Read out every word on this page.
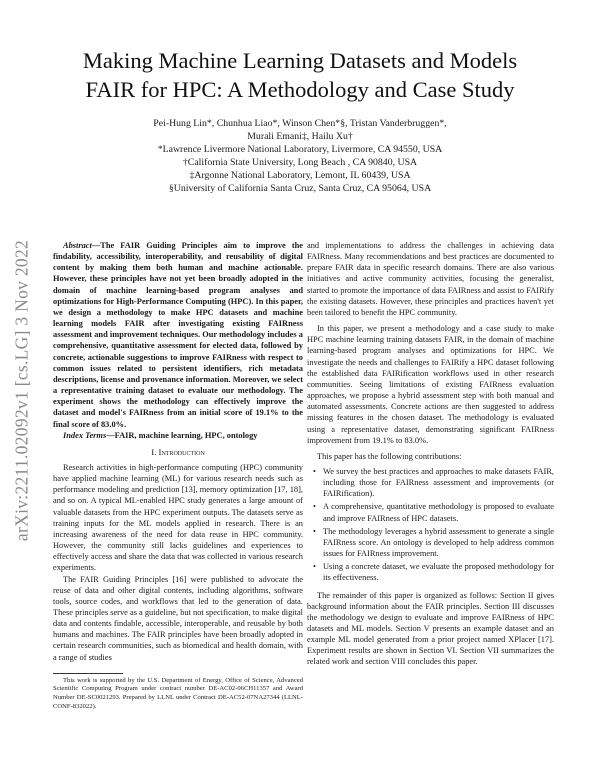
Making Machine Learning Datasets and Models
FAIR for HPC: A Methodology and Case Study
Pei-Hung Lin*, Chunhua Liao*, Winson Chen*§, Tristan Vanderbruggen*,
Murali Emani‡, Hailu Xu†
*Lawrence Livermore National Laboratory, Livermore, CA 94550, USA
†California State University, Long Beach , CA 90840, USA
‡Argonne National Laboratory, Lemont, IL 60439, USA
§University of California Santa Cruz, Santa Cruz, CA 95064, USA
arXiv:2211.02092v1 [cs.LG] 3 Nov 2022	Abstract—The FAIR Guiding Principles aim to improve the findability, accessibility, interoperability, and reusability of digital content by making them both human and machine actionable. However, these principles have not yet been broadly adopted in the domain of machine learning-based program analyses and optimizations for High-Performance Computing (HPC). In this paper, we design a methodology to make HPC datasets and machine learning models FAIR after investigating existing FAIRness assessment and improvement techniques. Our methodology includes a comprehensive, quantitative assessment for elected data, followed by concrete, actionable suggestions to improve FAIRness with respect to common issues related to persistent identifiers, rich metadata descriptions, license and provenance information. Moreover, we select a representative training dataset to evaluate our methodology. The experiment shows the methodology can effectively improve the dataset and model's FAIRness from an initial score of 19.1% to the final score of 83.0%.

Index Terms—FAIR, machine learning, HPC, ontology

I. Introduction

Research activities in high-performance computing (HPC) community have applied machine learning (ML) for various research needs such as performance modeling and prediction [13], memory optimization [17, 18], and so on. A typical ML-enabled HPC study generates a large amount of valuable datasets from the HPC experiment outputs. The datasets serve as training inputs for the ML models applied in research. There is an increasing awareness of the need for data reuse in HPC community. However, the community still lacks guidelines and experiences to effectively access and share the data that was collected in various research experiments.

The FAIR Guiding Principles [16] were published to advocate the reuse of data and other digital contents, including algorithms, software tools, source codes, and workflows that led to the generation of data. These principles serve as a guideline, but not specification, to make digital data and contents findable, accessible, interoperable, and reusable by both humans and machines. The FAIR principles have been broadly adopted in certain research communities, such as biomedical and health domain, with a range of studies

This work is supported by the U.S. Department of Energy, Office of Science, Advanced Scientific Computing Program under contract number DE-AC02-06CH11357 and Award Number DE-SC0021293. Prepared by LLNL under Contract DE-AC52-07NA27344 (LLNL-CONF-832022).

and implementations to address the challenges in achieving data FAIRness. Many recommendations and best practices are documented to prepare FAIR data in specific research domains. There are also various initiatives and active community activities, focusing the generalist, started to promote the importance of data FAIRness and assist to FAIRify the existing datasets. However, these principles and practices haven't yet been tailored to benefit the HPC community.

In this paper, we present a methodology and a case study to make HPC machine learning training datasets FAIR, in the domain of machine learning-based program analyses and optimizations for HPC. We investigate the needs and challenges to FAIRify a HPC dataset following the established data FAIRification workflows used in other research communities. Seeing limitations of existing FAIRness evaluation approaches, we propose a hybrid assessment step with both manual and automated assessments. Concrete actions are then suggested to address missing features in the chosen dataset. The methodology is evaluated using a representative dataset, demonstrating significant FAIRness improvement from 19.1% to 83.0%.

This paper has the following contributions:

• We survey the best practices and approaches to make datasets FAIR, including those for FAIRness assessment and improvements (or FAIRification).
• A comprehensive, quantitative methodology is proposed to evaluate and improve FAIRness of HPC datasets.
• The methodology leverages a hybrid assessment to generate a single FAIRness score. An ontology is developed to help address common issues for FAIRness improvement.
• Using a concrete dataset, we evaluate the proposed methodology for its effectiveness.

The remainder of this paper is organized as follows: Section II gives background information about the FAIR principles. Section III discusses the methodology we design to evaluate and improve FAIRness of HPC datasets and ML models. Section V presents an example dataset and an example ML model generated from a prior project named XPlacer [17]. Experiment results are shown in Section VI. Section VII summarizes the related work and section VIII concludes this paper.
